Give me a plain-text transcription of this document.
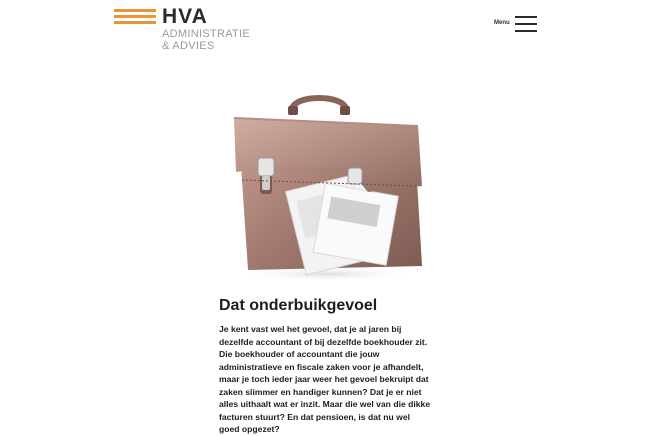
HVA
ADMINISTRATIE
& ADVIES
Menu
Dat onderbuikgevoel

Je kent vast wel het gevoel, dat je al jaren bij dezelfde accountant of bij dezelfde boekhouder zit. Die boekhouder of accountant die jouw administratieve en fiscale zaken voor je afhandelt, maar je toch ieder jaar weer het gevoel bekruipt dat zaken slimmer en handiger kunnen? Dat je er niet alles uithaalt wat er inzit. Maar die wel van die dikke facturen stuurt? En dat pensioen, is dat nu wel goed opgezet?
